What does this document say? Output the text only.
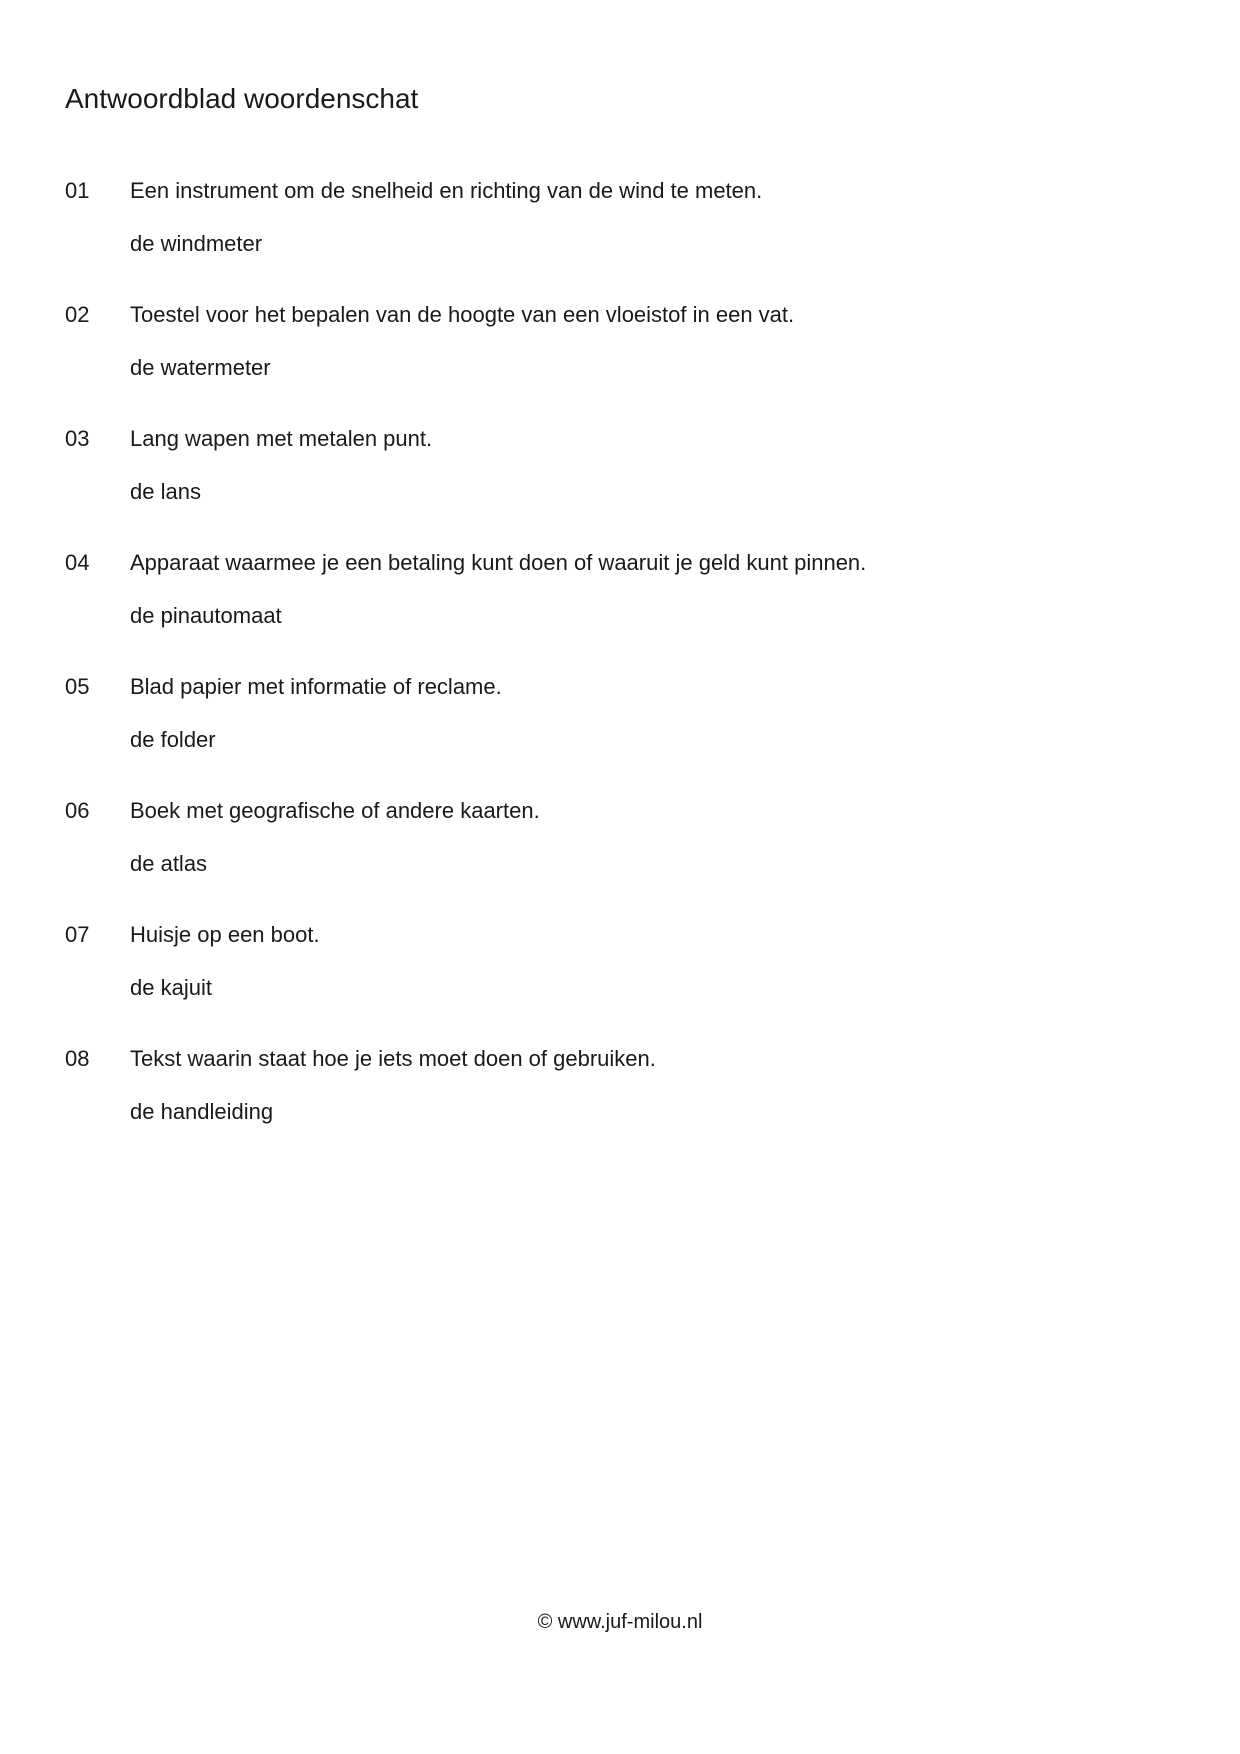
Antwoordblad woordenschat
01 Een instrument om de snelheid en richting van de wind te meten.
de windmeter
02 Toestel voor het bepalen van de hoogte van een vloeistof in een vat.
de watermeter
03 Lang wapen met metalen punt.
de lans
04 Apparaat waarmee je een betaling kunt doen of waaruit je geld kunt pinnen.
de pinautomaat
05 Blad papier met informatie of reclame.
de folder
06 Boek met geografische of andere kaarten.
de atlas
07 Huisje op een boot.
de kajuit
08 Tekst waarin staat hoe je iets moet doen of gebruiken.
de handleiding
© www.juf-milou.nl
